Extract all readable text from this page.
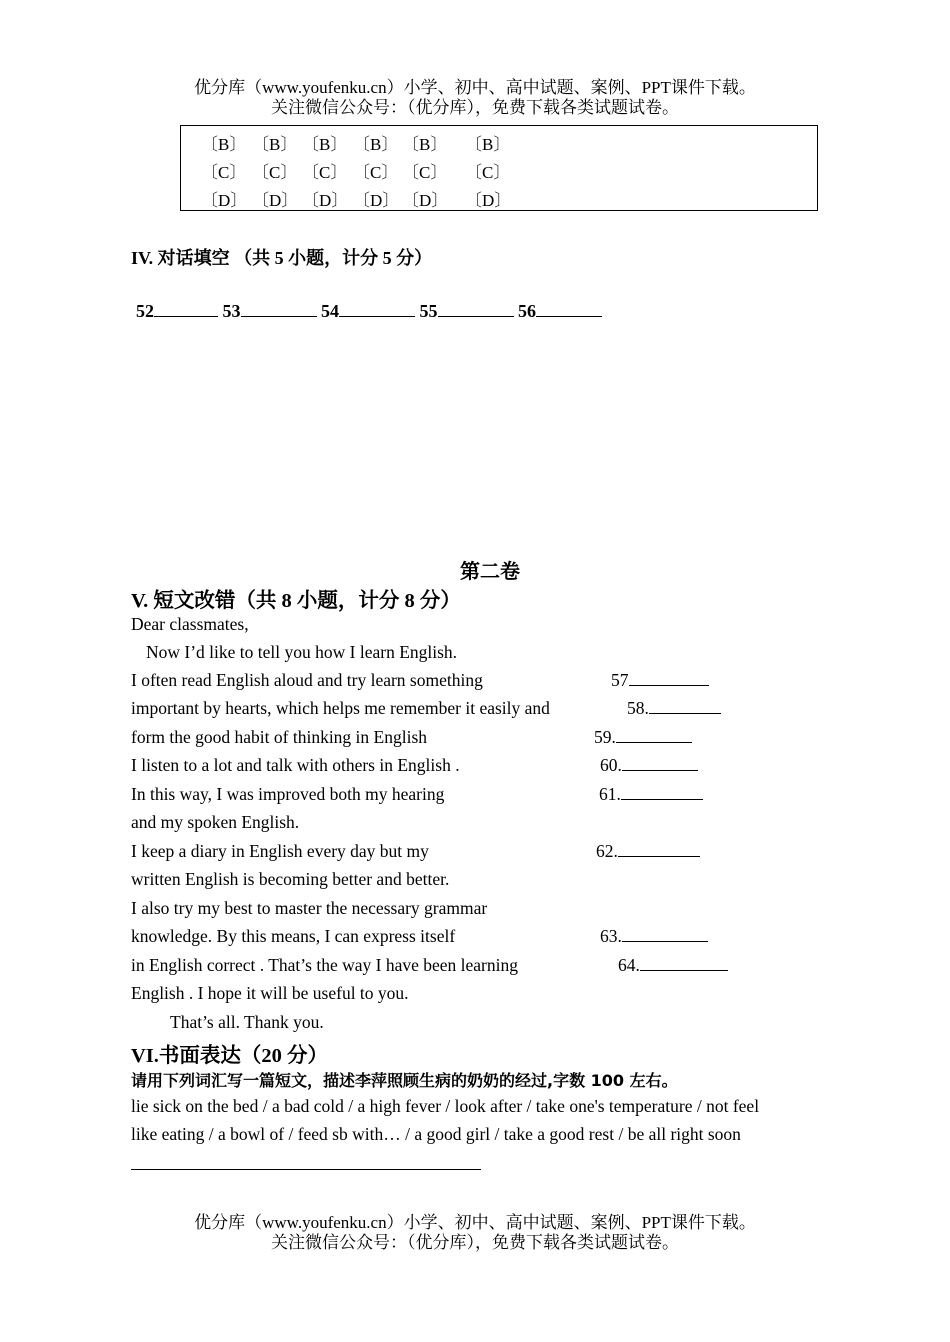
优分库（www.youfenku.cn）小学、初中、高中试题、案例、PPT课件下载。
关注微信公众号：（优分库），免费下载各类试题试卷。
〔B〕 〔B〕 〔B〕 〔B〕 〔B〕 〔B〕
〔C〕 〔C〕 〔C〕 〔C〕 〔C〕 〔C〕
〔D〕 〔D〕 〔D〕 〔D〕 〔D〕 〔D〕
IV. 对话填空 （共 5 小题，计分 5 分）
52	53	54	55	56
第二卷
V. 短文改错（共 8 小题，计分 8 分）
Dear classmates,
Now I’d like to tell you how I learn English.
I often read English aloud and try learn something
important by hearts, which helps me remember it easily and
form the good habit of thinking in English
I listen to a lot and talk with others in English .
In this way, I was improved both my hearing
and my spoken English.
I keep a diary in English every day but my
written English is becoming better and better.
I also try my best to master the necessary grammar
knowledge. By this means, I can express itself
in English correct . That’s the way I have been learning
English . I hope it will be useful to you.
That’s all. Thank you.
57
58.
59.
60.
61.
62.
63.
64.
VI.书面表达（20 分）
请用下列词汇写一篇短文，描述李萍照顾生病的奶奶的经过,字数 100 左右。
lie sick on the bed / a bad cold / a high fever / look after / take one's temperature / not feel
like eating / a bowl of / feed sb with… / a good girl / take a good rest / be all right soon
优分库（www.youfenku.cn）小学、初中、高中试题、案例、PPT课件下载。
关注微信公众号：（优分库），免费下载各类试题试卷。
